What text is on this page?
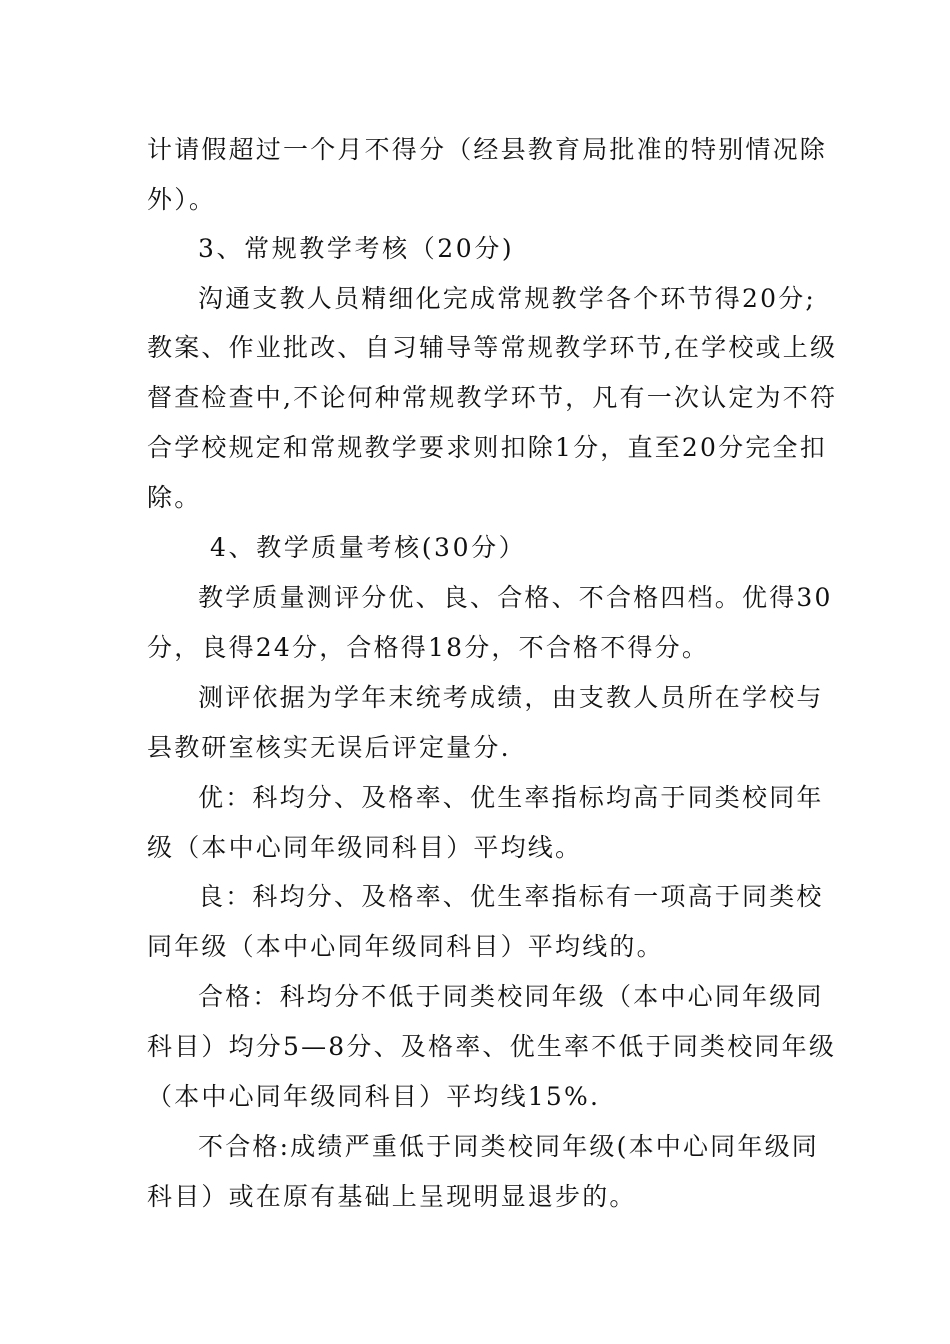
计请假超过一个月不得分（经县教育局批准的特别情况除
外）。
3、常规教学考核（20分)
沟通支教人员精细化完成常规教学各个环节得20分;
教案、作业批改、自习辅导等常规教学环节,在学校或上级
督查检查中,不论何种常规教学环节，凡有一次认定为不符
合学校规定和常规教学要求则扣除1分，直至20分完全扣
除。
4、教学质量考核(30分）
教学质量测评分优、良、合格、不合格四档。优得30
分，良得24分，合格得18分，不合格不得分。
测评依据为学年末统考成绩，由支教人员所在学校与
县教研室核实无误后评定量分.
优：科均分、及格率、优生率指标均高于同类校同年
级（本中心同年级同科目）平均线。
良：科均分、及格率、优生率指标有一项高于同类校
同年级（本中心同年级同科目）平均线的。
合格：科均分不低于同类校同年级（本中心同年级同
科目）均分5—8分、及格率、优生率不低于同类校同年级
（本中心同年级同科目）平均线15%.
不合格:成绩严重低于同类校同年级(本中心同年级同
科目）或在原有基础上呈现明显退步的。
